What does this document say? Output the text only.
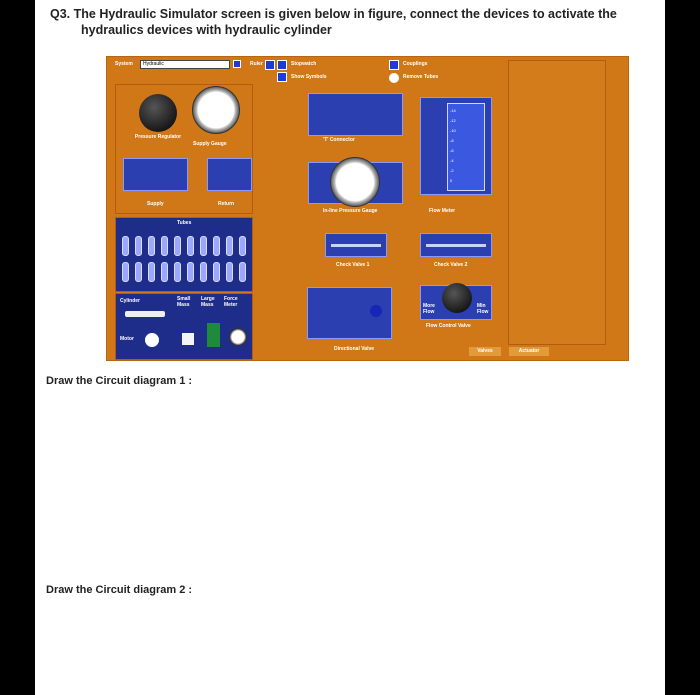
Q3. The Hydraulic Simulator screen is given below in figure, connect the devices to activate the
hydraulics devices with hydraulic cylinder
System	Hydraulic	Ruler	Stopwatch
Show Symbols
Couplings
Remove Tubes
Pressure Regulator
Supply Gauge
Supply	Return
'T' Connector
In-line Pressure Gauge
-14
-12
-10
-8
-6
-4
-2
0
Flow Meter
Tubes
Check Valve 1	Check Valve 2
Cylinder	Small Mass
Large Mass
Force Meter
Motor
Directional Valve
More Flow
Min Flow
Flow Control Valve
Valves	Actuator
Draw the Circuit diagram 1 :
Draw the Circuit diagram 2 :
